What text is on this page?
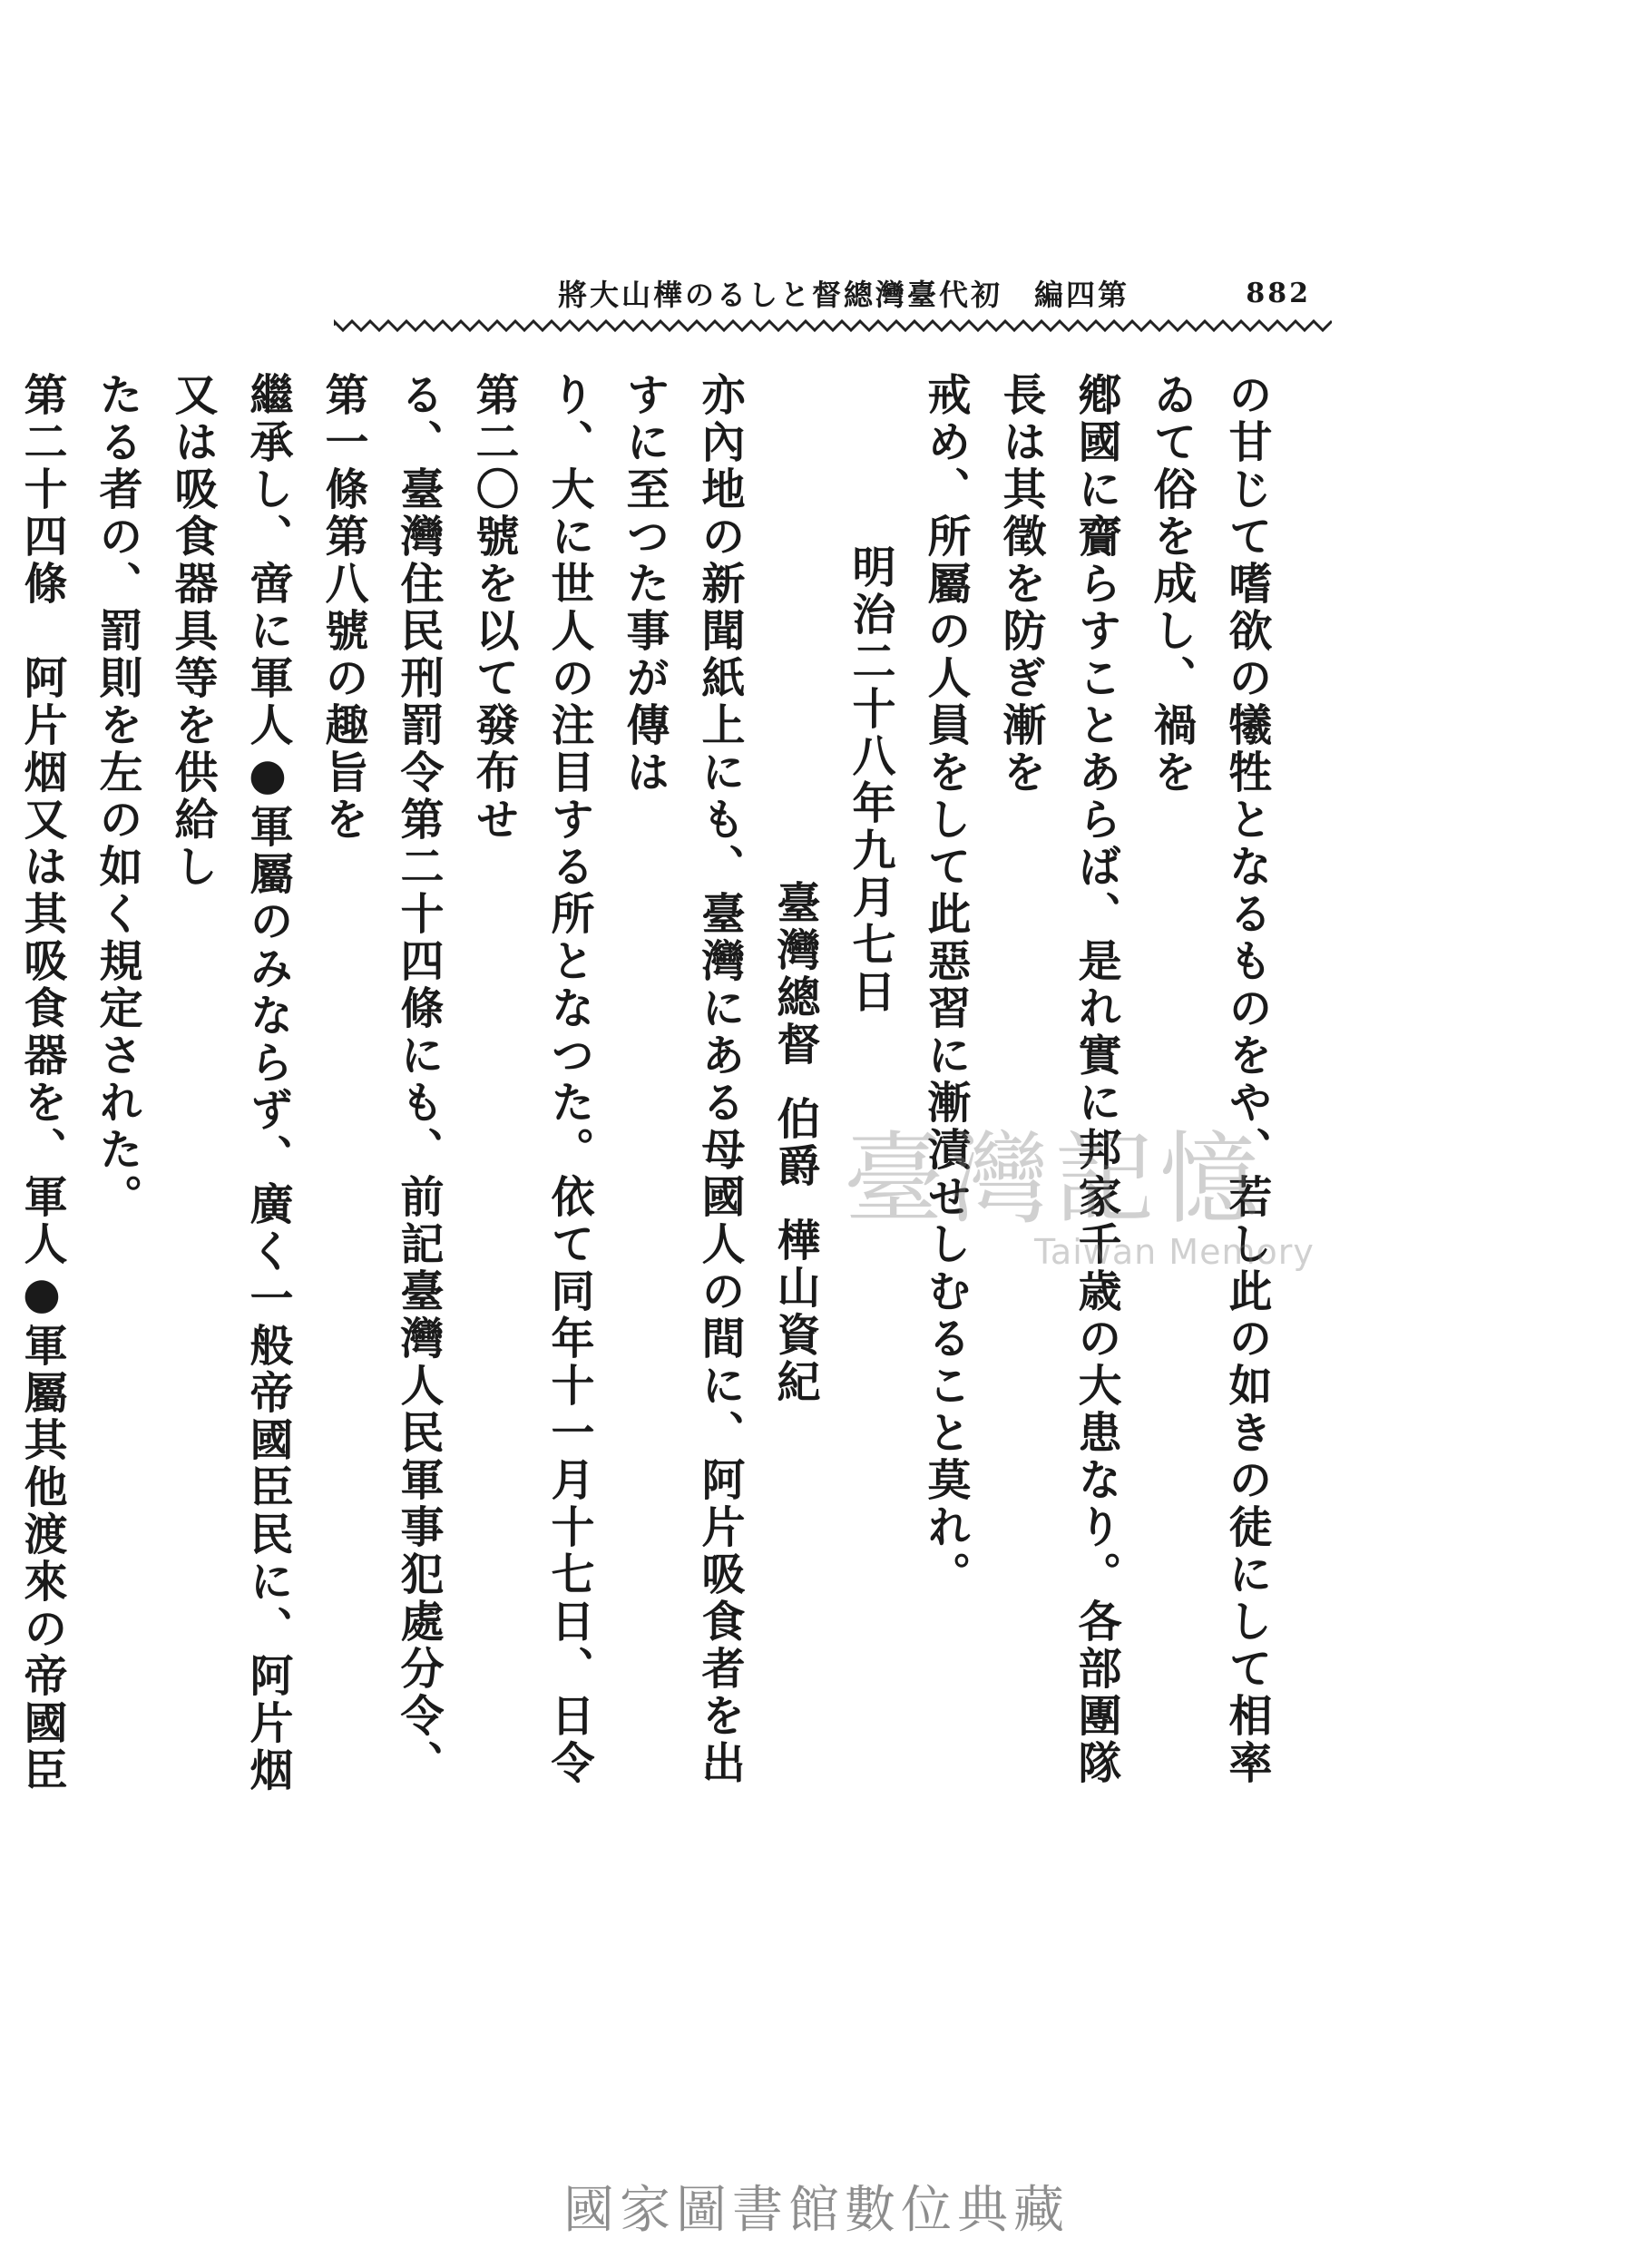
第四編　初代臺灣總督としるの樺山大將	882

の甘じて嗜欲の犧牲となるものをや、若し此の如きの徒にして相率ゐて俗を成し、禍を

鄕國に齎らすことあらば、是れ實に邦家千歳の大患なり。各部團隊長は其徵を防ぎ漸を

戒め、所屬の人員をして此惡習に漸漬せしむること莫れ。

明治二十八年九月七日

臺灣總督
伯爵
樺山資紀

亦內地の新聞紙上にも、臺灣にある母國人の間に、阿片吸食者を出すに至つた事が傳は

り、大に世人の注目する所となつた。依て同年十一月十七日、日令第二〇號を以て發布せ

る、臺灣住民刑罰令第二十四條にも、前記臺灣人民軍事犯處分令、第一條第八號の趣旨を

繼承し、啻に軍人●軍屬のみならず、廣く一般帝國臣民に、阿片烟又は吸食器具等を供給し

たる者の、罰則を左の如く規定された。

第二十四條　阿片烟又は其吸食器を、軍人●軍屬其他渡來の帝國臣

臺灣記憶
Taiwan Memory
國家圖書館數位典藏
